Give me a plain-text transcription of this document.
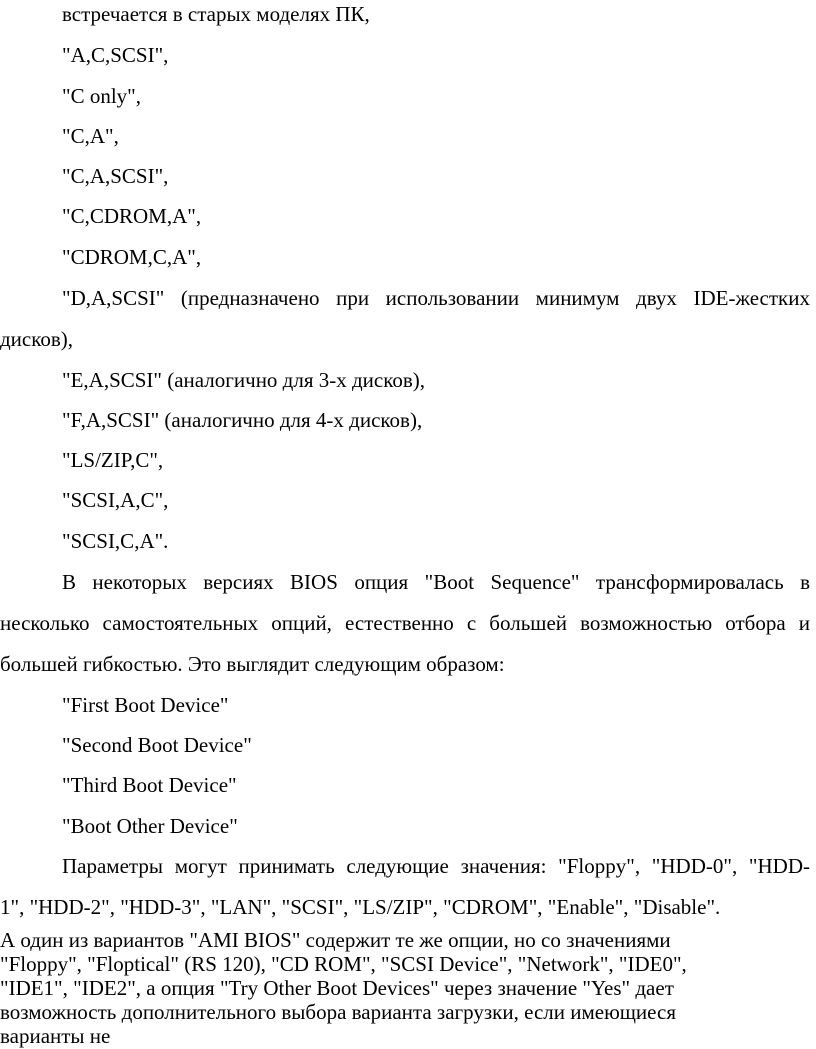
встречается в старых моделях ПК,
"A,C,SCSI",
"C only",
"C,A",
"C,A,SCSI",
"C,CDROM,A",
"CDROM,C,A",
"D,A,SCSI" (предназначено при использовании минимум двух IDE-жестких
дисков),
"E,A,SCSI" (аналогично для 3-х дисков),
"F,A,SCSI" (аналогично для 4-х дисков),
"LS/ZIP,C",
"SCSI,A,C",
"SCSI,C,A".
В некоторых версиях BIOS опция "Boot Sequence" трансформировалась в
несколько самостоятельных опций, естественно с большей возможностью отбора и
большей гибкостью. Это выглядит следующим образом:
"First Boot Device"
"Second Boot Device"
"Third Boot Device"
"Boot Other Device"
Параметры могут принимать следующие значения: "Floppy", "HDD-0", "HDD-
1", "HDD-2", "HDD-3", "LAN", "SCSI", "LS/ZIP", "CDROM", "Enable", "Disable".
А один из вариантов "AMI BIOS" содержит те же опции, но со значениями
"Floppy", "Floptical" (RS 120), "CD ROM", "SCSI Device", "Network", "IDE0",
"IDE1", "IDE2", а опция "Try Other Boot Devices" через значение "Yes" дает
возможность дополнительного выбора варианта загрузки, если имеющиеся
варианты не
